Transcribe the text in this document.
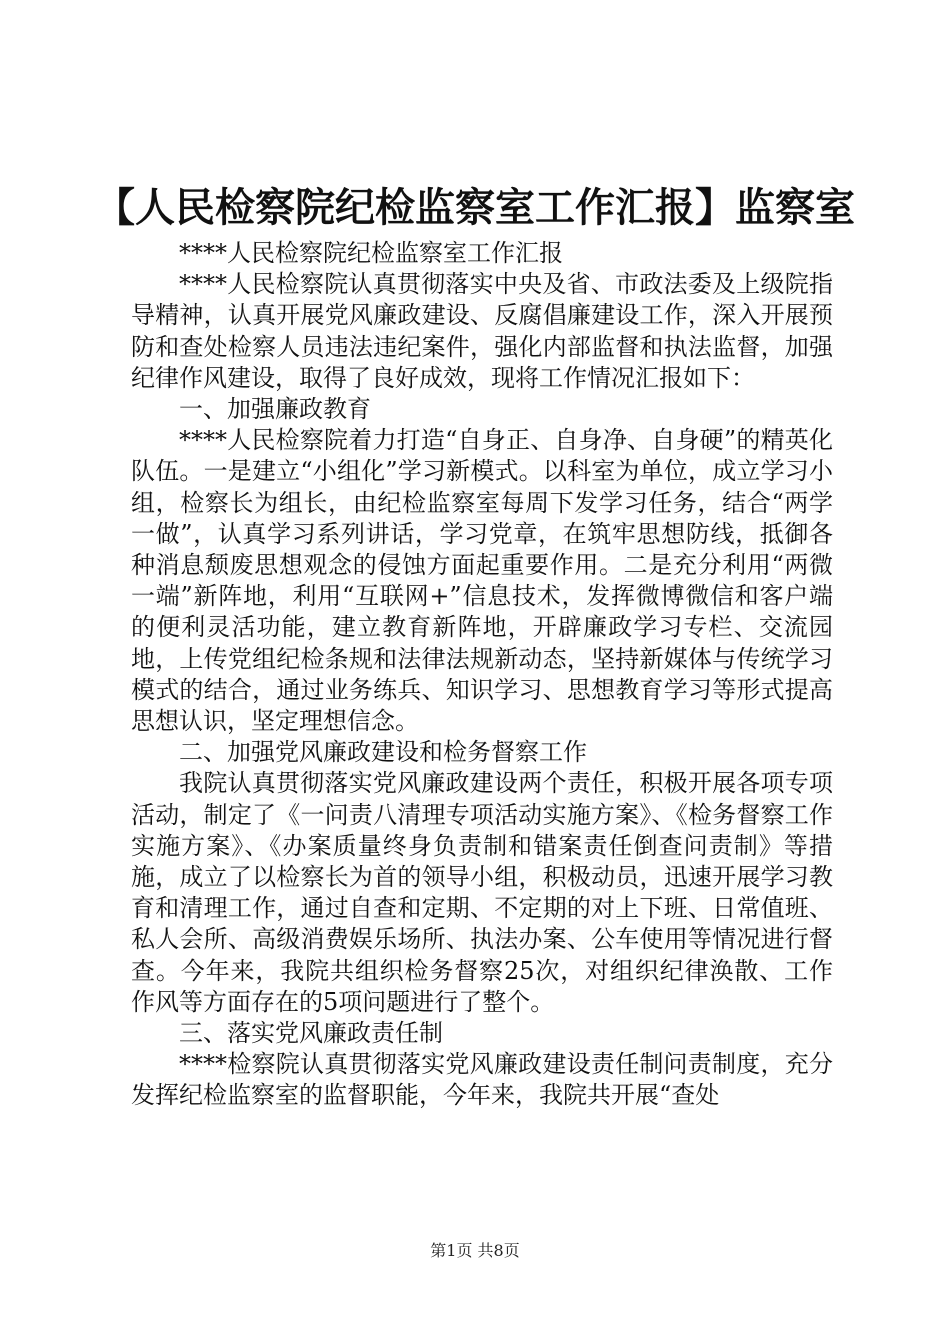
【人民检察院纪检监察室工作汇报】监察室

****人民检察院纪检监察室工作汇报

****人民检察院认真贯彻落实中央及省、市政法委及上级院指导精神，认真开展党风廉政建设、反腐倡廉建设工作，深入开展预防和查处检察人员违法违纪案件，强化内部监督和执法监督，加强纪律作风建设，取得了良好成效，现将工作情况汇报如下：

一、加强廉政教育

****人民检察院着力打造“自身正、自身净、自身硬”的精英化队伍。一是建立“小组化”学习新模式。以科室为单位，成立学习小组，检察长为组长，由纪检监察室每周下发学习任务，结合“两学一做”，认真学习系列讲话，学习党章，在筑牢思想防线，抵御各种消息颓废思想观念的侵蚀方面起重要作用。二是充分利用“两微一端”新阵地，利用“互联网+”信息技术，发挥微博微信和客户端的便利灵活功能，建立教育新阵地，开辟廉政学习专栏、交流园地，上传党组纪检条规和法律法规新动态，坚持新媒体与传统学习模式的结合，通过业务练兵、知识学习、思想教育学习等形式提高思想认识，坚定理想信念。

二、加强党风廉政建设和检务督察工作

我院认真贯彻落实党风廉政建设两个责任，积极开展各项专项活动，制定了《一问责八清理专项活动实施方案》、《检务督察工作实施方案》、《办案质量终身负责制和错案责任倒查问责制》等措施，成立了以检察长为首的领导小组，积极动员，迅速开展学习教育和清理工作，通过自查和定期、不定期的对上下班、日常值班、私人会所、高级消费娱乐场所、执法办案、公车使用等情况进行督查。今年来，我院共组织检务督察25次，对组织纪律涣散、工作作风等方面存在的5项问题进行了整个。

三、落实党风廉政责任制

****检察院认真贯彻落实党风廉政建设责任制问责制度，充分发挥纪检监察室的监督职能，今年来，我院共开展“查处

第1页 共8页
